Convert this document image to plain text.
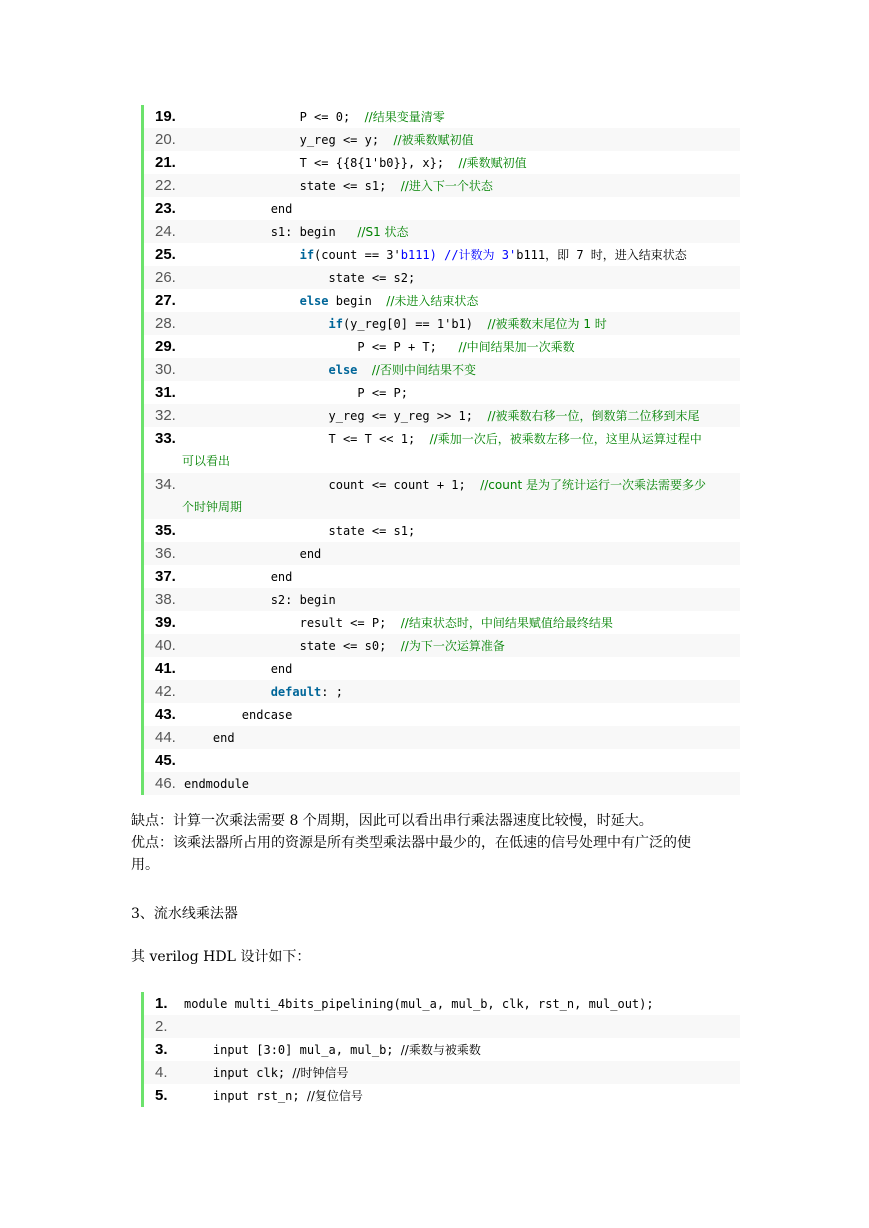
19. P <= 0;  //结果变量清零
20. y_reg <= y;  //被乘数赋初值
21. T <= {{8{1'b0}}, x};  //乘数赋初值
22. state <= s1;  //进入下一个状态
23. end
24. s1: begin   //S1 状态
25.	if(count == 3'b111) //计数为 3'b111，即 7 时，进入结束状态
26. state <= s2;
27.	else begin  //未进入结束状态
28.	if(y_reg[0] == 1'b1)  //被乘数末尾位为 1 时
29. P <= P + T;   //中间结果加一次乘数
30.	else //否则中间结果不变
31. P <= P;
32. y_reg <= y_reg >> 1;  //被乘数右移一位，倒数第二位移到末尾
33. T <= T << 1;  //乘加一次后，被乘数左移一位，这里从运算过程中
可以看出
34. count <= count + 1;  //count 是为了统计运行一次乘法需要多少
个时钟周期
35. state <= s1;
36. end
37. end
38. s2: begin
39. result <= P;  //结束状态时，中间结果赋值给最终结果
40. state <= s0;  //为下一次运算准备
41. end
42.	default: ;
43. endcase
44. end
45.
46. endmodule
缺点：计算一次乘法需要 8 个周期，因此可以看出串行乘法器速度比较慢，时延大。
优点：该乘法器所占用的资源是所有类型乘法器中最少的，在低速的信号处理中有广泛的使
用。
3、流水线乘法器
其 verilog HDL 设计如下：
1.	module multi_4bits_pipelining(mul_a, mul_b, clk, rst_n, mul_out);
2.
3.	input [3:0] mul_a, mul_b; //乘数与被乘数
4.	input clk; //时钟信号
5.	input rst_n; //复位信号
